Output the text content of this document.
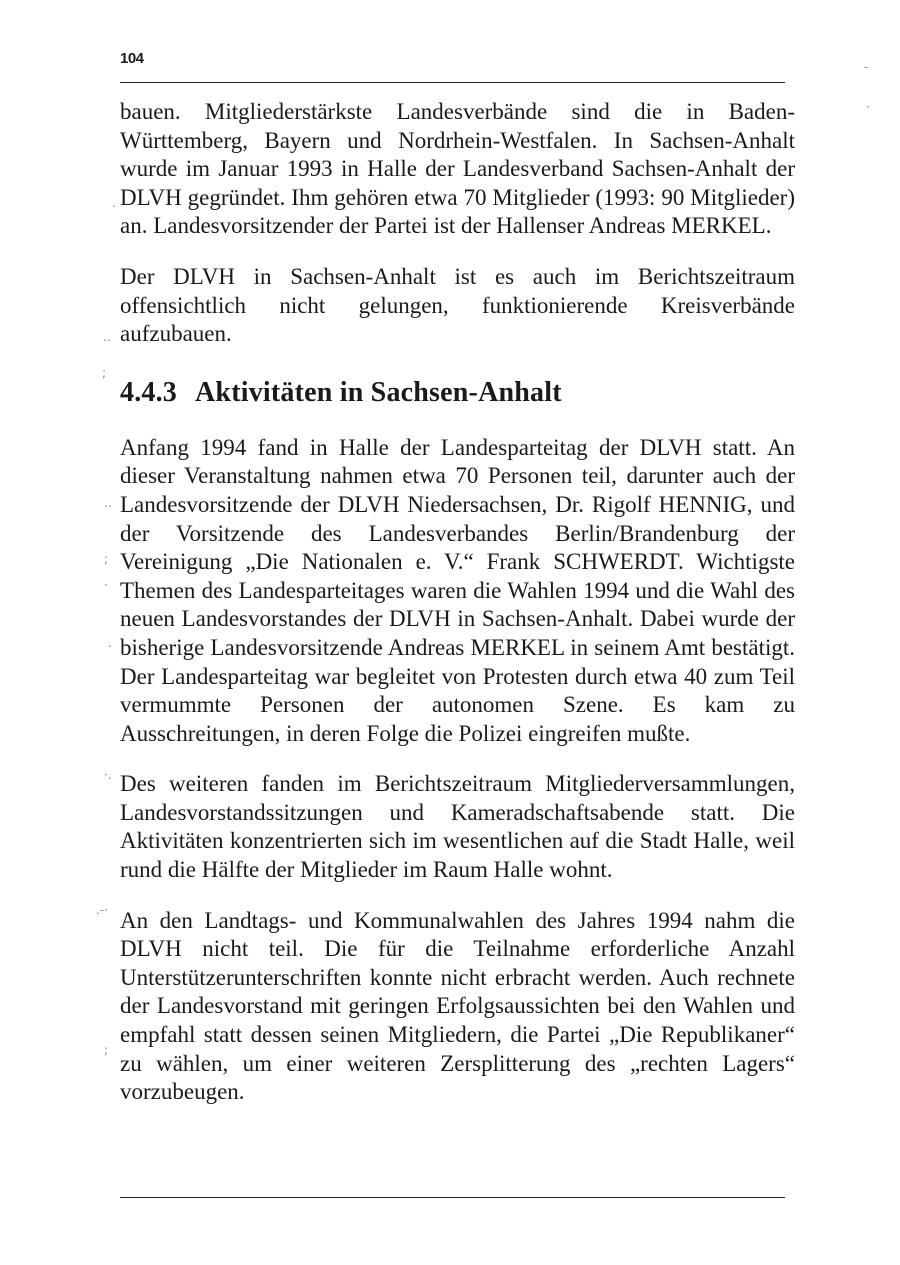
104
.
..
;
..
;
·
.
·.
.-·
;
-
·

bauen. Mitgliederstärkste Landesverbände sind die in Baden-Württemberg, Bayern und Nordrhein-Westfalen. In Sachsen-Anhalt wurde im Januar 1993 in Halle der Landesverband Sachsen-Anhalt der DLVH gegründet. Ihm gehören etwa 70 Mitglieder (1993: 90 Mitglieder) an. Landesvorsitzender der Partei ist der Hallenser Andreas MERKEL.

Der DLVH in Sachsen-Anhalt ist es auch im Berichtszeitraum offensichtlich nicht gelungen, funktionierende Kreisverbände aufzubauen.

4.4.3 Aktivitäten in Sachsen-Anhalt

Anfang 1994 fand in Halle der Landesparteitag der DLVH statt. An dieser Veranstaltung nahmen etwa 70 Personen teil, darunter auch der Landesvorsitzende der DLVH Niedersachsen, Dr. Rigolf HENNIG, und der Vorsitzende des Landesverbandes Berlin/Brandenburg der Vereinigung „Die Nationalen e. V.“ Frank SCHWERDT. Wichtigste Themen des Landesparteitages waren die Wahlen 1994 und die Wahl des neuen Landesvorstandes der DLVH in Sachsen-Anhalt. Dabei wurde der bisherige Landesvorsitzende Andreas MERKEL in seinem Amt bestätigt. Der Landesparteitag war begleitet von Protesten durch etwa 40 zum Teil vermummte Personen der autonomen Szene. Es kam zu Ausschreitungen, in deren Folge die Polizei eingreifen mußte.

Des weiteren fanden im Berichtszeitraum Mitgliederversammlungen, Landesvorstandssitzungen und Kameradschaftsabende statt. Die Aktivitäten konzentrierten sich im wesentlichen auf die Stadt Halle, weil rund die Hälfte der Mitglieder im Raum Halle wohnt.

An den Landtags- und Kommunalwahlen des Jahres 1994 nahm die DLVH nicht teil. Die für die Teilnahme erforderliche Anzahl Unterstützerunterschriften konnte nicht erbracht werden. Auch rechnete der Landesvorstand mit geringen Erfolgsaussichten bei den Wahlen und empfahl statt dessen seinen Mitgliedern, die Partei „Die Republikaner“ zu wählen, um einer weiteren Zersplitterung des „rechten Lagers“ vorzubeugen.
